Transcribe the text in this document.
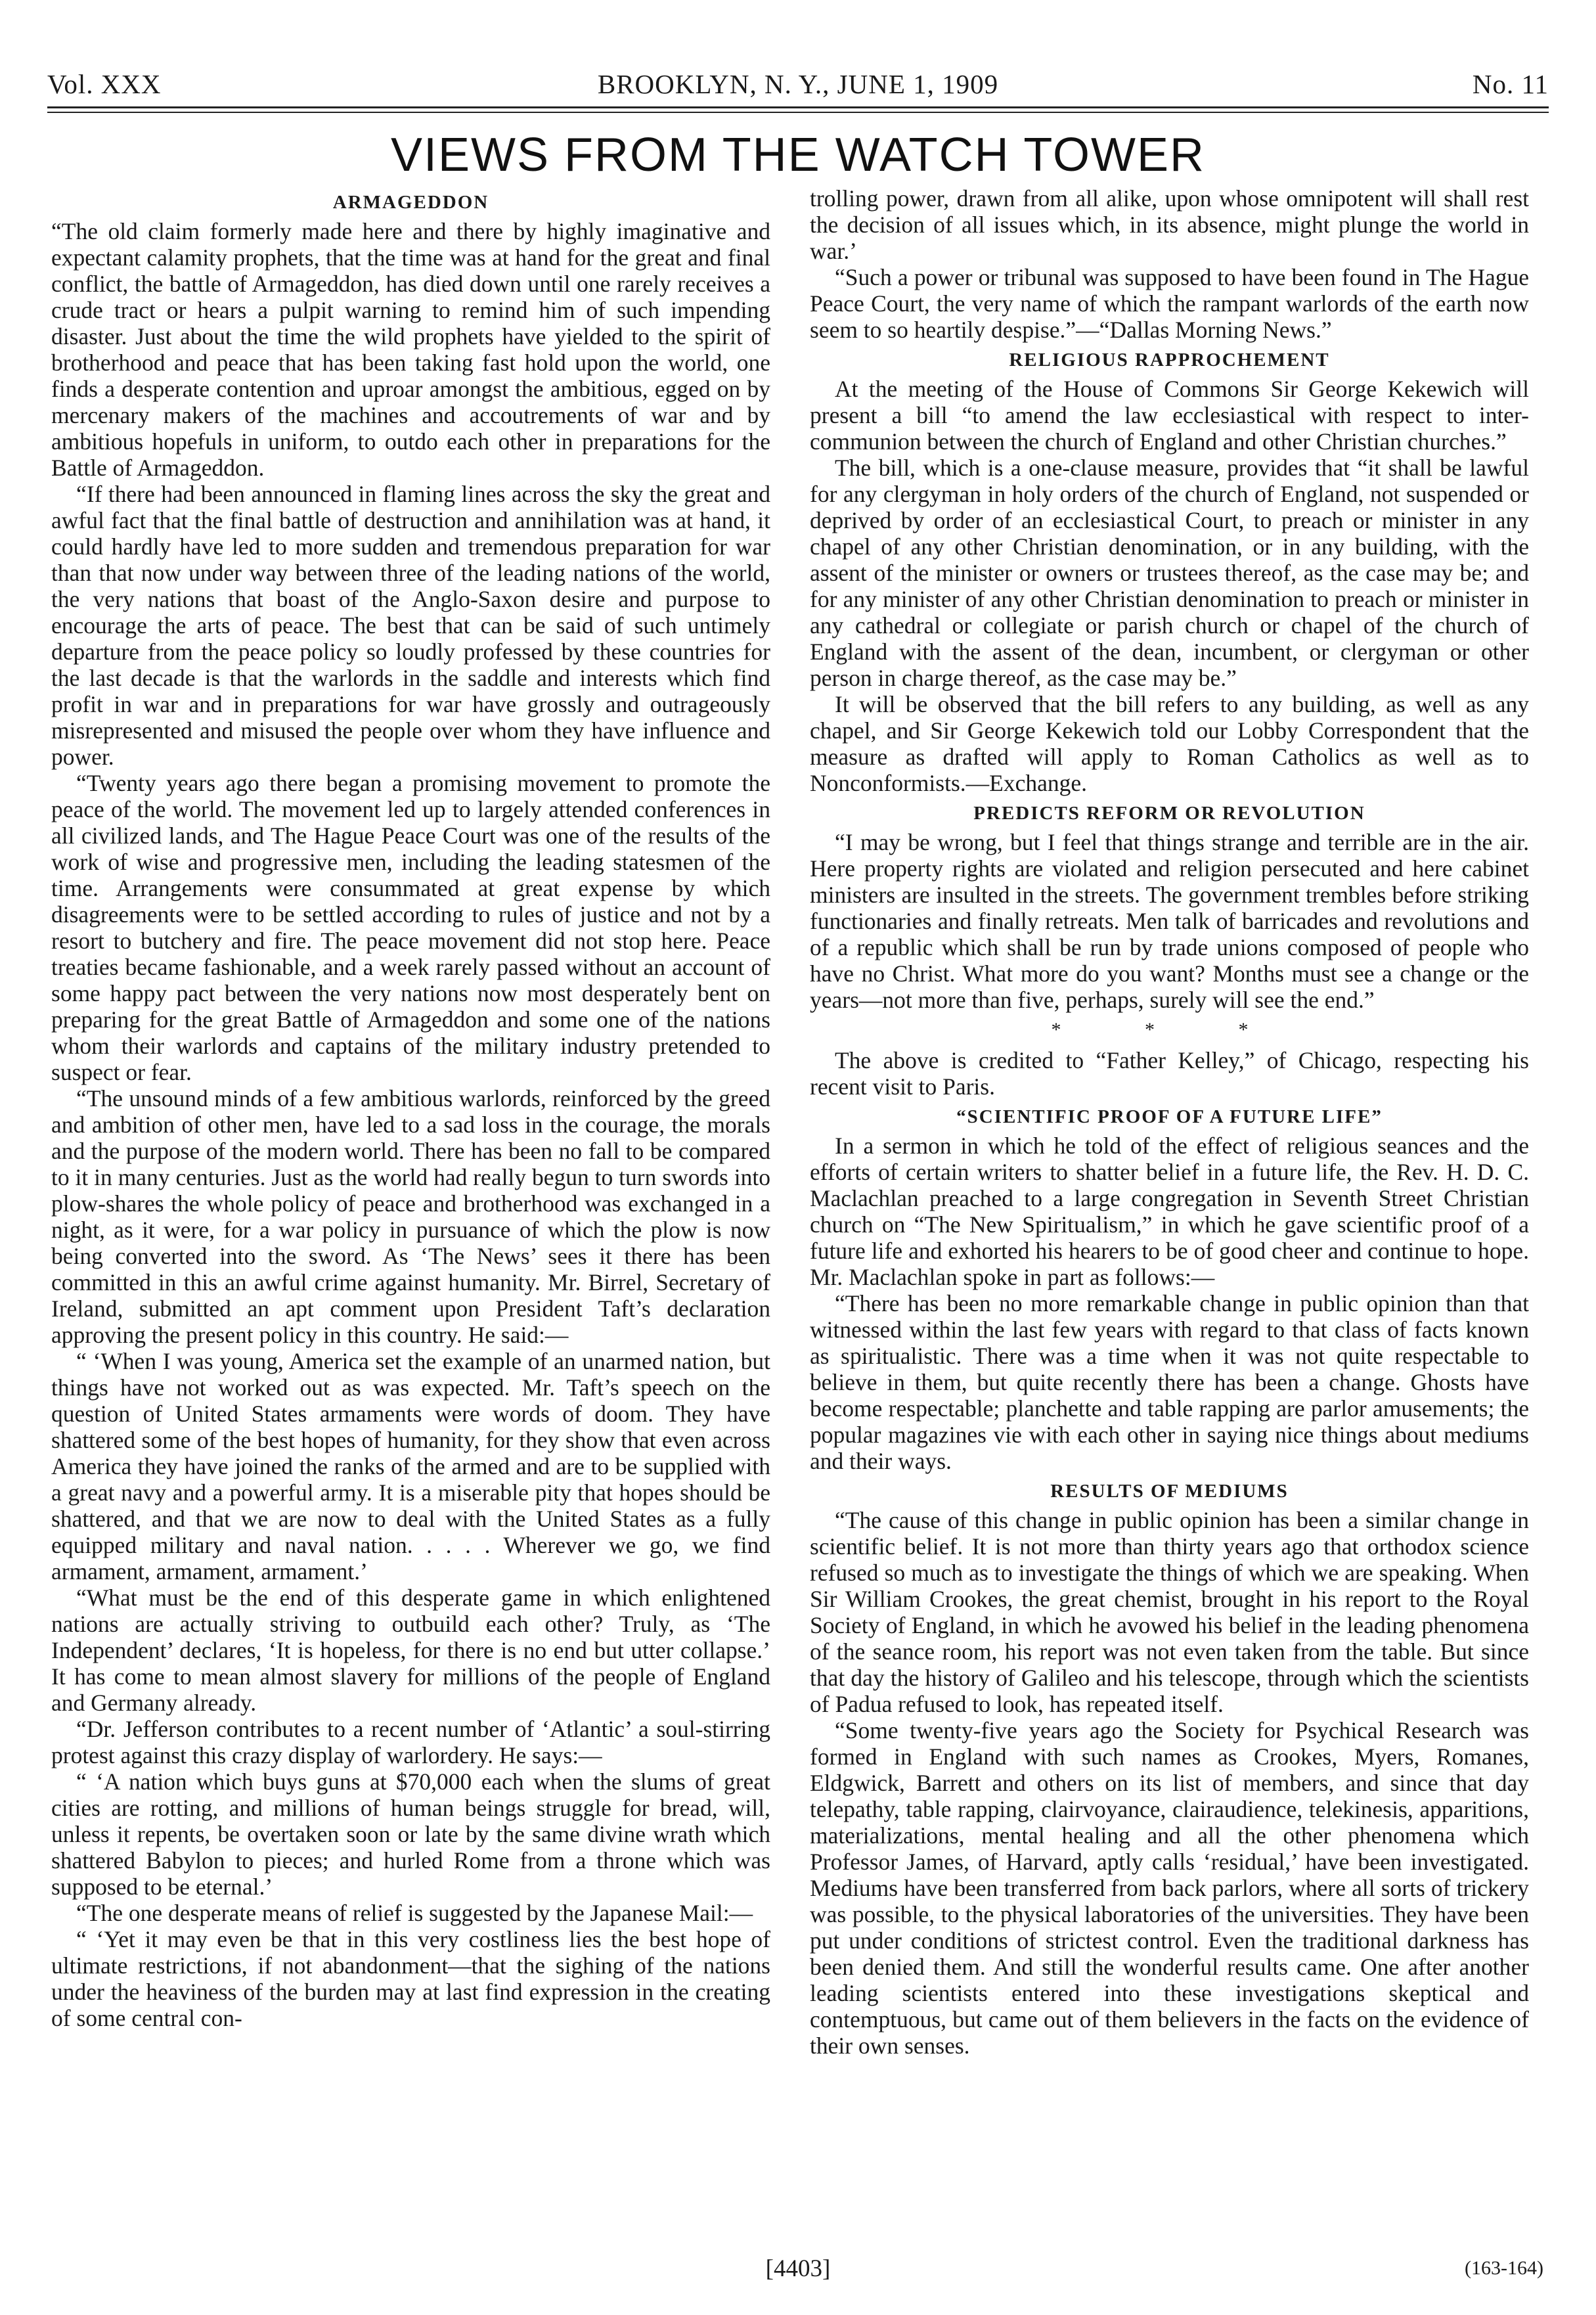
Vol. XXX	BROOKLYN, N. Y., JUNE 1, 1909	No. 11
VIEWS FROM THE WATCH TOWER
ARMAGEDDON

“The old claim formerly made here and there by highly imaginative and expectant calamity prophets, that the time was at hand for the great and final conflict, the battle of Armageddon, has died down until one rarely receives a crude tract or hears a pulpit warning to remind him of such impending disaster. Just about the time the wild prophets have yielded to the spirit of brotherhood and peace that has been taking fast hold upon the world, one finds a desperate contention and uproar amongst the ambitious, egged on by mercenary makers of the machines and accoutrements of war and by ambitious hopefuls in uniform, to outdo each other in preparations for the Battle of Armageddon.

“If there had been announced in flaming lines across the sky the great and awful fact that the final battle of destruction and annihilation was at hand, it could hardly have led to more sudden and tremendous preparation for war than that now under way between three of the leading nations of the world, the very nations that boast of the Anglo-Saxon desire and purpose to encourage the arts of peace. The best that can be said of such untimely departure from the peace policy so loudly professed by these countries for the last decade is that the warlords in the saddle and interests which find profit in war and in preparations for war have grossly and outrageously misrepresented and misused the people over whom they have influence and power.

“Twenty years ago there began a promising movement to promote the peace of the world. The movement led up to largely attended conferences in all civilized lands, and The Hague Peace Court was one of the results of the work of wise and progressive men, including the leading statesmen of the time. Arrangements were consummated at great expense by which disagreements were to be settled according to rules of justice and not by a resort to butchery and fire. The peace movement did not stop here. Peace treaties became fashionable, and a week rarely passed without an account of some happy pact between the very nations now most desperately bent on preparing for the great Battle of Armageddon and some one of the nations whom their warlords and captains of the military industry pretended to suspect or fear.

“The unsound minds of a few ambitious warlords, reinforced by the greed and ambition of other men, have led to a sad loss in the courage, the morals and the purpose of the modern world. There has been no fall to be compared to it in many centuries. Just as the world had really begun to turn swords into plow-shares the whole policy of peace and brotherhood was exchanged in a night, as it were, for a war policy in pursuance of which the plow is now being converted into the sword. As ‘The News’ sees it there has been committed in this an awful crime against humanity. Mr. Birrel, Secretary of Ireland, submitted an apt comment upon President Taft’s declaration approving the present policy in this country. He said:—

“ ‘When I was young, America set the example of an unarmed nation, but things have not worked out as was expected. Mr. Taft’s speech on the question of United States armaments were words of doom. They have shattered some of the best hopes of humanity, for they show that even across America they have joined the ranks of the armed and are to be supplied with a great navy and a powerful army. It is a miserable pity that hopes should be shattered, and that we are now to deal with the United States as a fully equipped military and naval nation. . . . . Wherever we go, we find armament, armament, armament.’

“What must be the end of this desperate game in which enlightened nations are actually striving to outbuild each other? Truly, as ‘The Independent’ declares, ‘It is hopeless, for there is no end but utter collapse.’ It has come to mean almost slavery for millions of the people of England and Germany already.

“Dr. Jefferson contributes to a recent number of ‘Atlantic’ a soul-stirring protest against this crazy display of warlordery. He says:—

“ ‘A nation which buys guns at $70,000 each when the slums of great cities are rotting, and millions of human beings struggle for bread, will, unless it repents, be overtaken soon or late by the same divine wrath which shattered Babylon to pieces; and hurled Rome from a throne which was supposed to be eternal.’

“The one desperate means of relief is suggested by the Japanese Mail:—

“ ‘Yet it may even be that in this very costliness lies the best hope of ultimate restrictions, if not abandonment—that the sighing of the nations under the heaviness of the burden may at last find expression in the creating of some central con-

trolling power, drawn from all alike, upon whose omnipotent will shall rest the decision of all issues which, in its absence, might plunge the world in war.’

“Such a power or tribunal was supposed to have been found in The Hague Peace Court, the very name of which the rampant warlords of the earth now seem to so heartily despise.”—“Dallas Morning News.”

RELIGIOUS RAPPROCHEMENT

At the meeting of the House of Commons Sir George Kekewich will present a bill “to amend the law ecclesiastical with respect to inter-communion between the church of England and other Christian churches.”

The bill, which is a one-clause measure, provides that “it shall be lawful for any clergyman in holy orders of the church of England, not suspended or deprived by order of an ecclesiastical Court, to preach or minister in any chapel of any other Christian denomination, or in any building, with the assent of the minister or owners or trustees thereof, as the case may be; and for any minister of any other Christian denomination to preach or minister in any cathedral or collegiate or parish church or chapel of the church of England with the assent of the dean, incumbent, or clergyman or other person in charge thereof, as the case may be.”

It will be observed that the bill refers to any building, as well as any chapel, and Sir George Kekewich told our Lobby Correspondent that the measure as drafted will apply to Roman Catholics as well as to Nonconformists.—Exchange.

PREDICTS REFORM OR REVOLUTION

“I may be wrong, but I feel that things strange and terrible are in the air. Here property rights are violated and religion persecuted and here cabinet ministers are insulted in the streets. The government trembles before striking functionaries and finally retreats. Men talk of barricades and revolutions and of a republic which shall be run by trade unions composed of people who have no Christ. What more do you want? Months must see a change or the years—not more than five, perhaps, surely will see the end.”

* * *

The above is credited to “Father Kelley,” of Chicago, respecting his recent visit to Paris.

“SCIENTIFIC PROOF OF A FUTURE LIFE”

In a sermon in which he told of the effect of religious seances and the efforts of certain writers to shatter belief in a future life, the Rev. H. D. C. Maclachlan preached to a large congregation in Seventh Street Christian church on “The New Spiritualism,” in which he gave scientific proof of a future life and exhorted his hearers to be of good cheer and continue to hope. Mr. Maclachlan spoke in part as follows:—

“There has been no more remarkable change in public opinion than that witnessed within the last few years with regard to that class of facts known as spiritualistic. There was a time when it was not quite respectable to believe in them, but quite recently there has been a change. Ghosts have become respectable; planchette and table rapping are parlor amusements; the popular magazines vie with each other in saying nice things about mediums and their ways.

RESULTS OF MEDIUMS

“The cause of this change in public opinion has been a similar change in scientific belief. It is not more than thirty years ago that orthodox science refused so much as to investigate the things of which we are speaking. When Sir William Crookes, the great chemist, brought in his report to the Royal Society of England, in which he avowed his belief in the leading phenomena of the seance room, his report was not even taken from the table. But since that day the history of Galileo and his telescope, through which the scientists of Padua refused to look, has repeated itself.

“Some twenty-five years ago the Society for Psychical Research was formed in England with such names as Crookes, Myers, Romanes, Eldgwick, Barrett and others on its list of members, and since that day telepathy, table rapping, clairvoyance, clairaudience, telekinesis, apparitions, materializations, mental healing and all the other phenomena which Professor James, of Harvard, aptly calls ‘residual,’ have been investigated. Mediums have been transferred from back parlors, where all sorts of trickery was possible, to the physical laboratories of the universities. They have been put under conditions of strictest control. Even the traditional darkness has been denied them. And still the wonderful results came. One after another leading scientists entered into these investigations skeptical and contemptuous, but came out of them believers in the facts on the evidence of their own senses.

[4403]	(163-164)
